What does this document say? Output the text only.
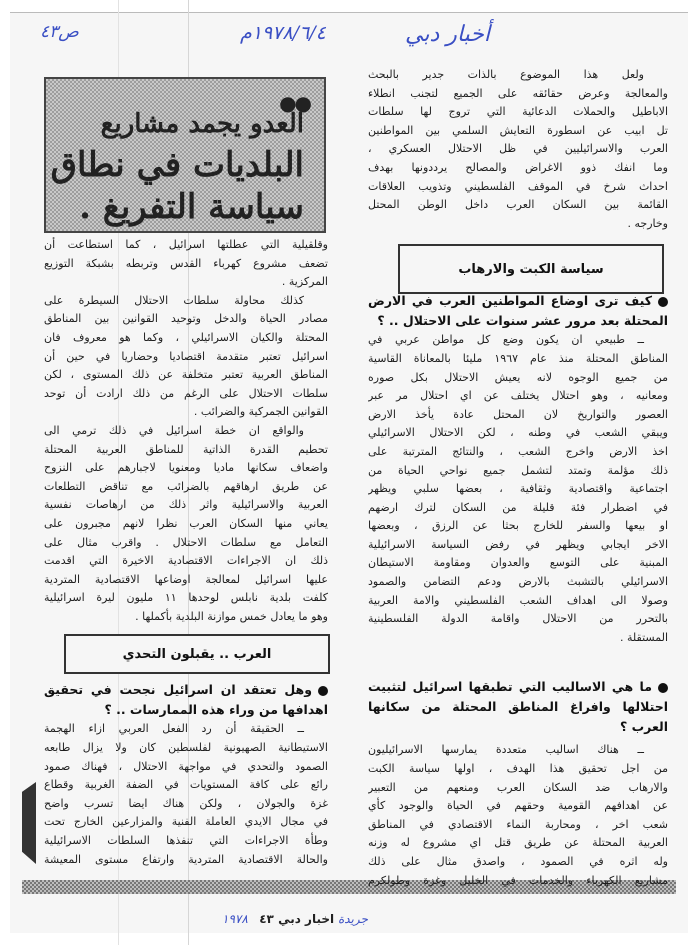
ص٤٣	١٩٧٨/٦/٤م	أخبار دبي
●●
العدو يجمد مشاريع
البلديات في نطاق
سياسة التفريغ .

ولعل هذا الموضوع بالذات جدير بالبحث

والمعالجة وعرض حقائقه على الجميع لتجنب انطلاء

الاباطيل والحملات الدعائية التي تروج لها سلطات

تل ابيب عن اسطورة التعايش السلمي بين المواطنين

العرب والاسرائيليين في ظل الاحتلال العسكري ،

وما انفك ذوو الاغراض والمصالح يرددونها بهدف

احداث شرخ في الموقف الفلسطيني وتذويب العلاقات

القائمة بين السكان العرب داخل الوطن المحتل

وخارجه .

كيف ترى اوضاع المواطنين العرب في الارض المحتلة بعد مرور عشر سنوات على الاحتلال .. ؟

ــ طبيعي ان يكون وضع كل مواطن عربي في

المناطق المحتلة منذ عام ١٩٦٧ مليئا بالمعاناة القاسية

من جميع الوجوه لانه يعيش الاحتلال بكل صوره

ومعانيه ، وهو احتلال يختلف عن اي احتلال مر عبر

العصور والتواريخ لان المحتل عادة يأخذ الارض

ويبقي الشعب في وطنه ، لكن الاحتلال الاسرائيلي

اخذ الارض واخرج الشعب ، والنتائج المترتبة على

ذلك مؤلمة وتمتد لتشمل جميع نواحي الحياة من

اجتماعية واقتصادية وثقافية ، بعضها سلبي ويظهر

في اضطرار فئة قليلة من السكان لترك ارضهم

او بيعها والسفر للخارج بحثا عن الرزق ، وبعضها

الاخر ايجابي ويظهر في رفض السياسة الاسرائيلية

المبنية على التوسع والعدوان ومقاومة الاستيطان

الاسرائيلي بالتشبث بالارض ودعم التضامن والصمود

وصولا الى اهداف الشعب الفلسطيني والامة العربية

بالتحرر من الاحتلال واقامة الدولة الفلسطينية

المستقلة .

ما هي الاساليب التي تطبقها اسرائيل لتثبيت احتلالها وافراغ المناطق المحتلة من سكانها العرب ؟

ــ هناك اساليب متعددة يمارسها الاسرائيليون

من اجل تحقيق هذا الهدف ، اولها سياسة الكبت

والارهاب ضد السكان العرب ومنعهم من التعبير

عن اهدافهم القومية وحقهم في الحياة والوجود كأي

شعب اخر ، ومحاربة النماء الاقتصادي في المناطق

العربية المحتلة عن طريق قتل اي مشروع له وزنه

وله اثره في الصمود ، واصدق مثال على ذلك

مشاريع الكهرباء والخدمات في الخليل وغزة وطولكرم

سياسة الكبت والارهاب

وقلقيلية التي عطلتها اسرائيل ، كما استطاعت أن

تضعف مشروع كهرباء القدس وتربطه بشبكة التوزيع

المركزية .

كذلك محاولة سلطات الاحتلال السيطرة على

مصادر الحياة والدخل وتوحيد القوانين بين المناطق

المحتلة والكيان الاسرائيلي ، وكما هو معروف فان

اسرائيل تعتبر متقدمة اقتصاديا وحضاريا في حين أن

المناطق العربية تعتبر متخلفة عن ذلك المستوى ، لكن

سلطات الاحتلال على الرغم من ذلك ارادت أن توحد

القوانين الجمركية والضرائب .

والواقع ان خطة اسرائيل في ذلك ترمي الى

تحطيم القدرة الذاتية للمناطق العربية المحتلة

واضعاف سكانها ماديا ومعنويا لاجبارهم على النزوح

عن طريق ارهاقهم بالضرائب مع تناقض التطلعات

العربية والاسرائيلية واثر ذلك من ارهاصات نفسية

يعاني منها السكان العرب نظرا لانهم مجبرون على

التعامل مع سلطات الاحتلال . واقرب مثال على

ذلك ان الاجراءات الاقتصادية الاخيرة التي اقدمت

عليها اسرائيل لمعالجة اوضاعها الاقتصادية المتردية

كلفت بلدية نابلس لوحدها ١١ مليون ليرة اسرائيلية

وهو ما يعادل خمس موازنة البلدية بأكملها .

وهل تعتقد ان اسرائيل نجحت في تحقيق اهدافها من وراء هذه الممارسات .. ؟

ــ الحقيقة أن رد الفعل العربي ازاء الهجمة

الاستيطانية الصهيونية لفلسطين كان ولا يزال طابعه

الصمود والتحدي في مواجهة الاحتلال ، فهناك صمود

رائع على كافة المستويات في الضفة الغربية وقطاع

غزة والجولان ، ولكن هناك ايضا تسرب واضح

في مجال الايدي العاملة الفنية والمزارعين الخارج تحت

وطأة الاجراءات التي تنفذها السلطات الاسرائيلية

والحالة الاقتصادية المتردية وارتفاع مستوى المعيشة

العرب .. يقبلون التحدي
جريدة اخبار دبي ٤٣   ١٩٧٨
